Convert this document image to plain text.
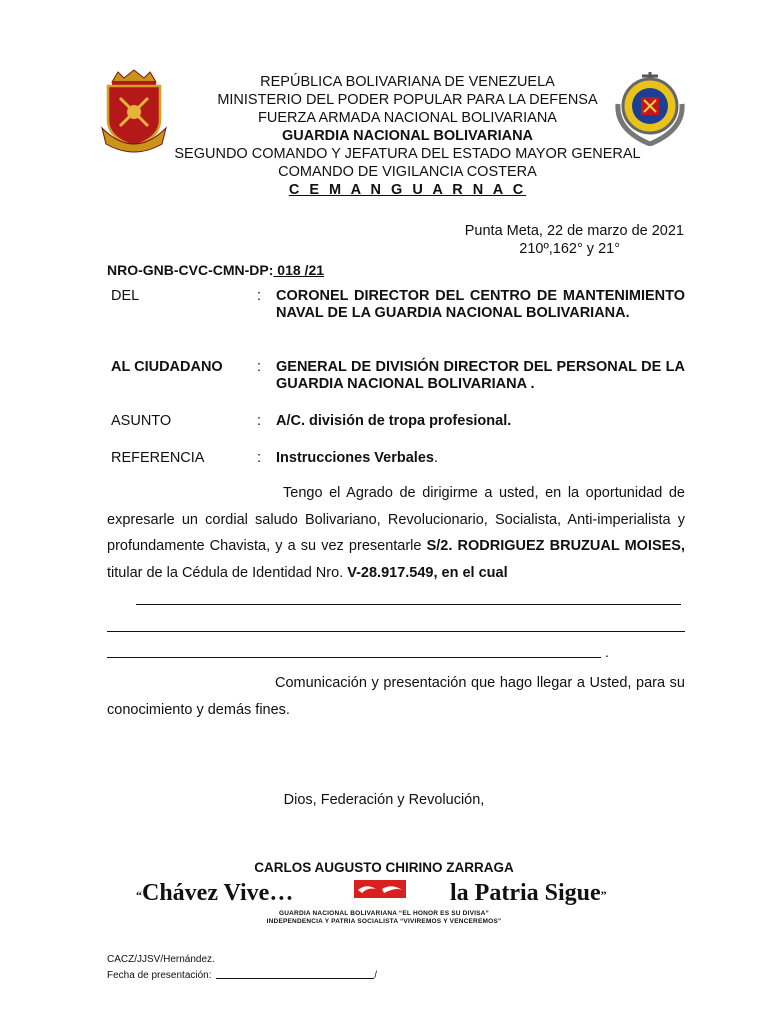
REPÚBLICA BOLIVARIANA DE VENEZUELA
MINISTERIO DEL PODER POPULAR PARA LA DEFENSA
FUERZA ARMADA NACIONAL BOLIVARIANA
GUARDIA NACIONAL BOLIVARIANA
SEGUNDO COMANDO Y JEFATURA DEL ESTADO MAYOR GENERAL
COMANDO DE VIGILANCIA COSTERA
C E M A N G U A R N A C
Punta Meta, 22 de marzo de 2021
210º,162° y 21°
NRO-GNB-CVC-CMN-DP: 018 /21
DEL	: CORONEL DIRECTOR DEL CENTRO DE MANTENIMIENTO NAVAL DE LA GUARDIA NACIONAL BOLIVARIANA.
AL CIUDADANO : GENERAL DE DIVISIÓN DIRECTOR DEL PERSONAL DE LA GUARDIA NACIONAL BOLIVARIANA .
ASUNTO	: A/C. división de tropa profesional.
REFERENCIA	: Instrucciones Verbales.
Tengo el Agrado de dirigirme a usted, en la oportunidad de expresarle un cordial saludo Bolivariano, Revolucionario, Socialista, Anti-imperialista y profundamente Chavista, y a su vez presentarle S/2. RODRIGUEZ BRUZUAL MOISES, titular de la Cédula de Identidad Nro. V-28.917.549, en el cual
.
Comunicación y presentación que hago llegar a Usted, para su conocimiento y demás fines.
Dios, Federación y Revolución,
CARLOS AUGUSTO CHIRINO ZARRAGA
“Chávez Vive…	la Patria Sigue”
GUARDIA NACIONAL BOLIVARIANA “EL HONOR ES SU DIVISA”
INDEPENDENCIA Y PATRIA SOCIALISTA “VIVIREMOS Y VENCEREMOS”
CACZ/JJSV/Hernández.
Fecha de presentación:	/
